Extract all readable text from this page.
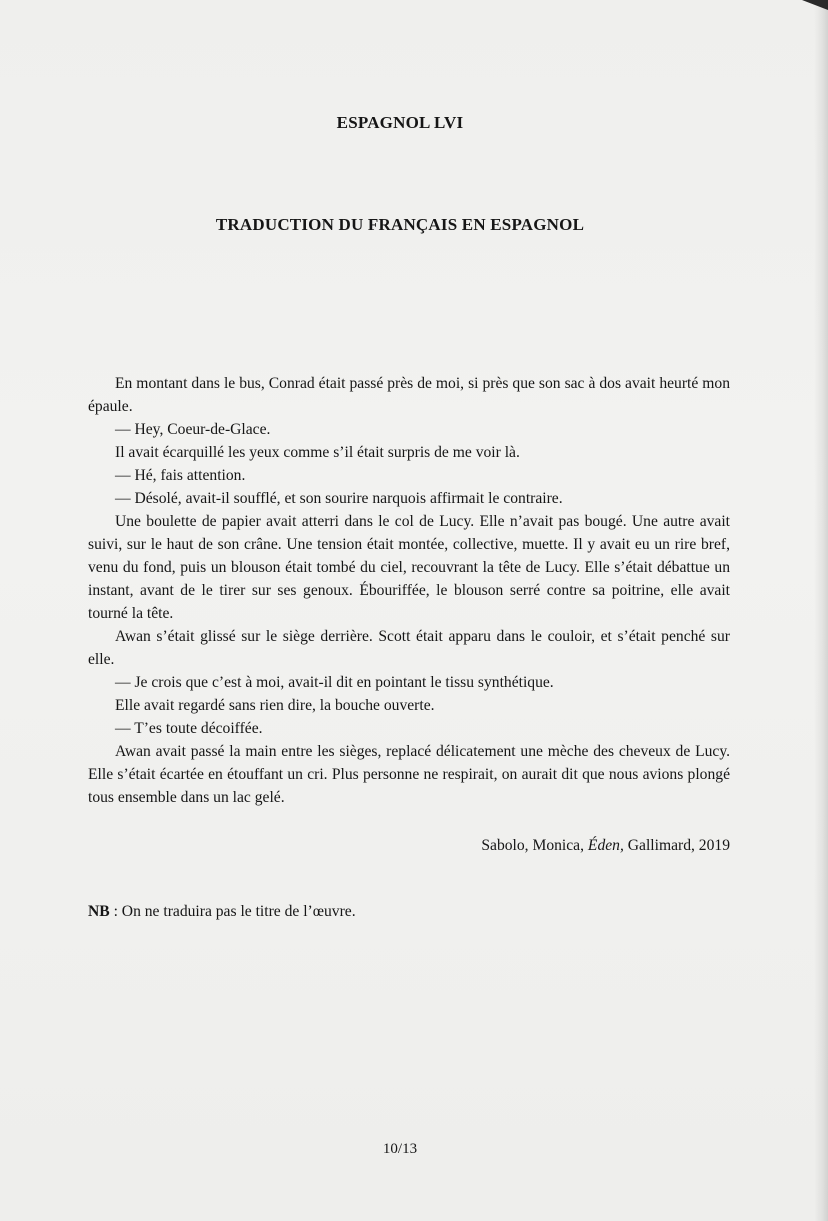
ESPAGNOL LVI
TRADUCTION DU FRANÇAIS EN ESPAGNOL

En montant dans le bus, Conrad était passé près de moi, si près que son sac à dos avait heurté mon épaule.

— Hey, Coeur-de-Glace.

Il avait écarquillé les yeux comme s’il était surpris de me voir là.

— Hé, fais attention.

— Désolé, avait-il soufflé, et son sourire narquois affirmait le contraire.

Une boulette de papier avait atterri dans le col de Lucy. Elle n’avait pas bougé. Une autre avait suivi, sur le haut de son crâne. Une tension était montée, collective, muette. Il y avait eu un rire bref, venu du fond, puis un blouson était tombé du ciel, recouvrant la tête de Lucy. Elle s’était débattue un instant, avant de le tirer sur ses genoux. Ébouriffée, le blouson serré contre sa poitrine, elle avait tourné la tête.

Awan s’était glissé sur le siège derrière. Scott était apparu dans le couloir, et s’était penché sur elle.

— Je crois que c’est à moi, avait-il dit en pointant le tissu synthétique.

Elle avait regardé sans rien dire, la bouche ouverte.

— T’es toute décoiffée.

Awan avait passé la main entre les sièges, replacé délicatement une mèche des cheveux de Lucy. Elle s’était écartée en étouffant un cri. Plus personne ne respirait, on aurait dit que nous avions plongé tous ensemble dans un lac gelé.

Sabolo, Monica, Éden, Gallimard, 2019
NB : On ne traduira pas le titre de l’œuvre.
10/13
